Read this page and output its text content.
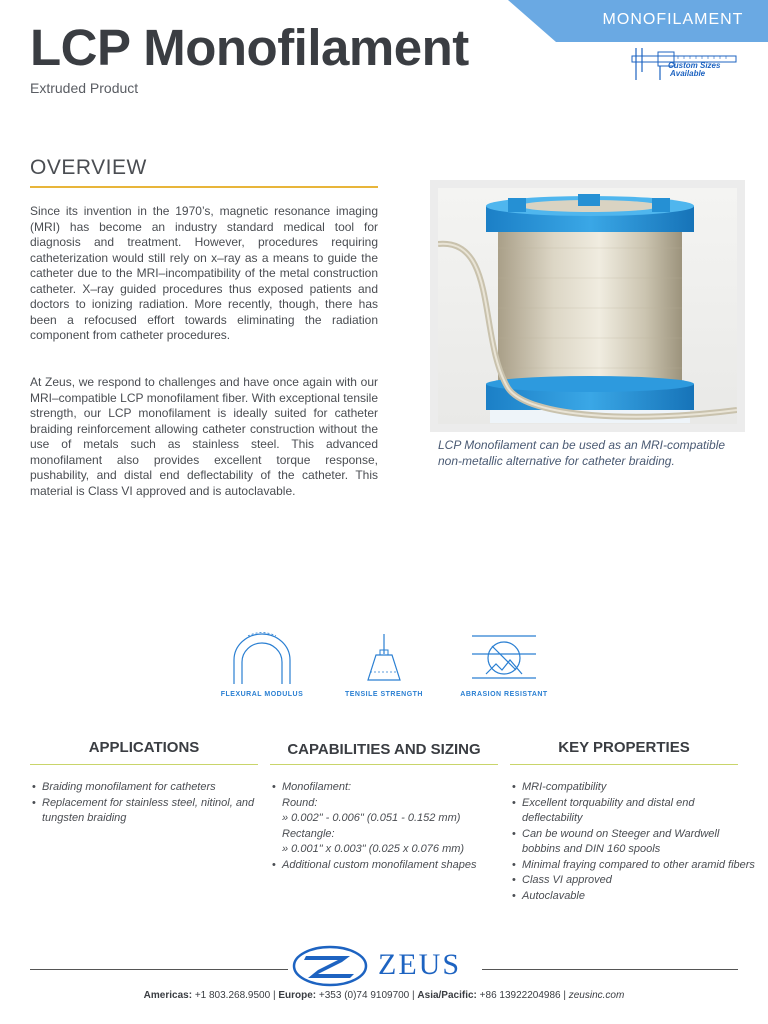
MONOFILAMENT
Custom Sizes
Available
LCP Monofilament
Extruded Product
OVERVIEW

Since its invention in the 1970’s, magnetic resonance imaging (MRI) has become an industry standard medical tool for diagnosis and treatment. However, procedures requiring catheterization would still rely on x–ray as a means to guide the catheter due to the MRI–incompatibility of the metal construction catheter. X–ray guided procedures thus exposed patients and doctors to ionizing radiation. More recently, though, there has been a refocused effort towards eliminating the radiation component from catheter procedures.

At Zeus, we respond to challenges and have once again with our MRI–compatible LCP monofilament fiber. With exceptional tensile strength, our LCP monofilament is ideally suited for catheter braiding reinforcement allowing catheter construction without the use of metals such as stainless steel. This advanced monofilament also provides excellent torque response, pushability, and distal end deflectability of the catheter. This material is Class VI approved and is autoclavable.

LCP Monofilament can be used as an MRI-compatible non-metallic alternative for catheter braiding.

FLEXURAL MODULUS	TENSILE STRENGTH	ABRASION RESISTANT
APPLICATIONS
• Braiding monofilament for catheters
• Replacement for stainless steel, nitinol, and tungsten braiding
CAPABILITIES AND SIZING
• Monofilament:
Round:
» 0.002" - 0.006" (0.051 - 0.152 mm)
Rectangle:
» 0.001" x 0.003" (0.025 x 0.076 mm)
• Additional custom monofilament shapes
KEY PROPERTIES
• MRI-compatibility
• Excellent torquability and distal end deflectability
• Can be wound on Steeger and Wardwell bobbins and DIN 160 spools
• Minimal fraying compared to other aramid fibers
• Class VI approved
• Autoclavable
ZEUS
Americas: +1 803.268.9500 | Europe: +353 (0)74 9109700 | Asia/Pacific: +86 13922204986 | zeusinc.com
